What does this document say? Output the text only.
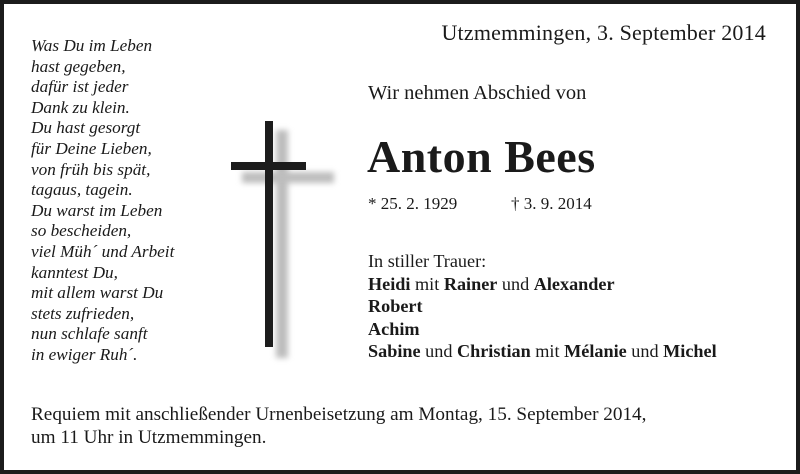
Utzmemmingen, 3. September 2014
Was Du im Leben
hast gegeben,
dafür ist jeder
Dank zu klein.
Du hast gesorgt
für Deine Lieben,
von früh bis spät,
tagaus, tagein.
Du warst im Leben
so bescheiden,
viel Müh´ und Arbeit
kanntest Du,
mit allem warst Du
stets zufrieden,
nun schlafe sanft
in ewiger Ruh´.
Wir nehmen Abschied von
Anton Bees
* 25. 2. 1929	† 3. 9. 2014
In stiller Trauer:
Heidi mit Rainer und Alexander
Robert
Achim
Sabine und Christian mit Mélanie und Michel
Requiem mit anschließender Urnenbeisetzung am Montag, 15. September 2014,
um 11 Uhr in Utzmemmingen.
